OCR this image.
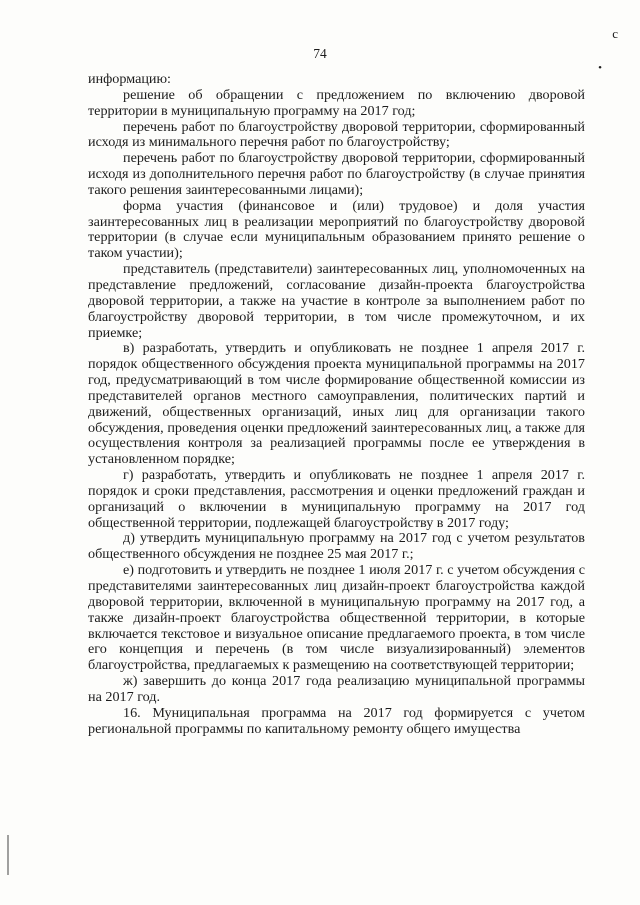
74
с
•

информацию:

решение об обращении с предложением по включению дворовой территории в муниципальную программу на 2017 год;

перечень работ по благоустройству дворовой территории, сформированный исходя из минимального перечня работ по благоустройству;

перечень работ по благоустройству дворовой территории, сформированный исходя из дополнительного перечня работ по благоустройству (в случае принятия такого решения заинтересованными лицами);

форма участия (финансовое и (или) трудовое) и доля участия заинтересованных лиц в реализации мероприятий по благоустройству дворовой территории (в случае если муниципальным образованием принято решение о таком участии);

представитель (представители) заинтересованных лиц, уполномоченных на представление предложений, согласование дизайн-проекта благоустройства дворовой территории, а также на участие в контроле за выполнением работ по благоустройству дворовой территории, в том числе промежуточном, и их приемке;

в) разработать, утвердить и опубликовать не позднее 1 апреля 2017 г. порядок общественного обсуждения проекта муниципальной программы на 2017 год, предусматривающий в том числе формирование общественной комиссии из представителей органов местного самоуправления, политических партий и движений, общественных организаций, иных лиц для организации такого обсуждения, проведения оценки предложений заинтересованных лиц, а также для осуществления контроля за реализацией программы после ее утверждения в установленном порядке;

г) разработать, утвердить и опубликовать не позднее 1 апреля 2017 г. порядок и сроки представления, рассмотрения и оценки предложений граждан и организаций о включении в муниципальную программу на 2017 год общественной территории, подлежащей благоустройству в 2017 году;

д) утвердить муниципальную программу на 2017 год с учетом результатов общественного обсуждения не позднее 25 мая 2017 г.;

е) подготовить и утвердить не позднее 1 июля 2017 г. с учетом обсуждения с представителями заинтересованных лиц дизайн-проект благоустройства каждой дворовой территории, включенной в муниципальную программу на 2017 год, а также дизайн-проект благоустройства общественной территории, в которые включается текстовое и визуальное описание предлагаемого проекта, в том числе его концепция и перечень (в том числе визуализированный) элементов благоустройства, предлагаемых к размещению на соответствующей территории;

ж) завершить до конца 2017 года реализацию муниципальной программы на 2017 год.

16. Муниципальная программа на 2017 год формируется с учетом региональной программы по капитальному ремонту общего имущества
